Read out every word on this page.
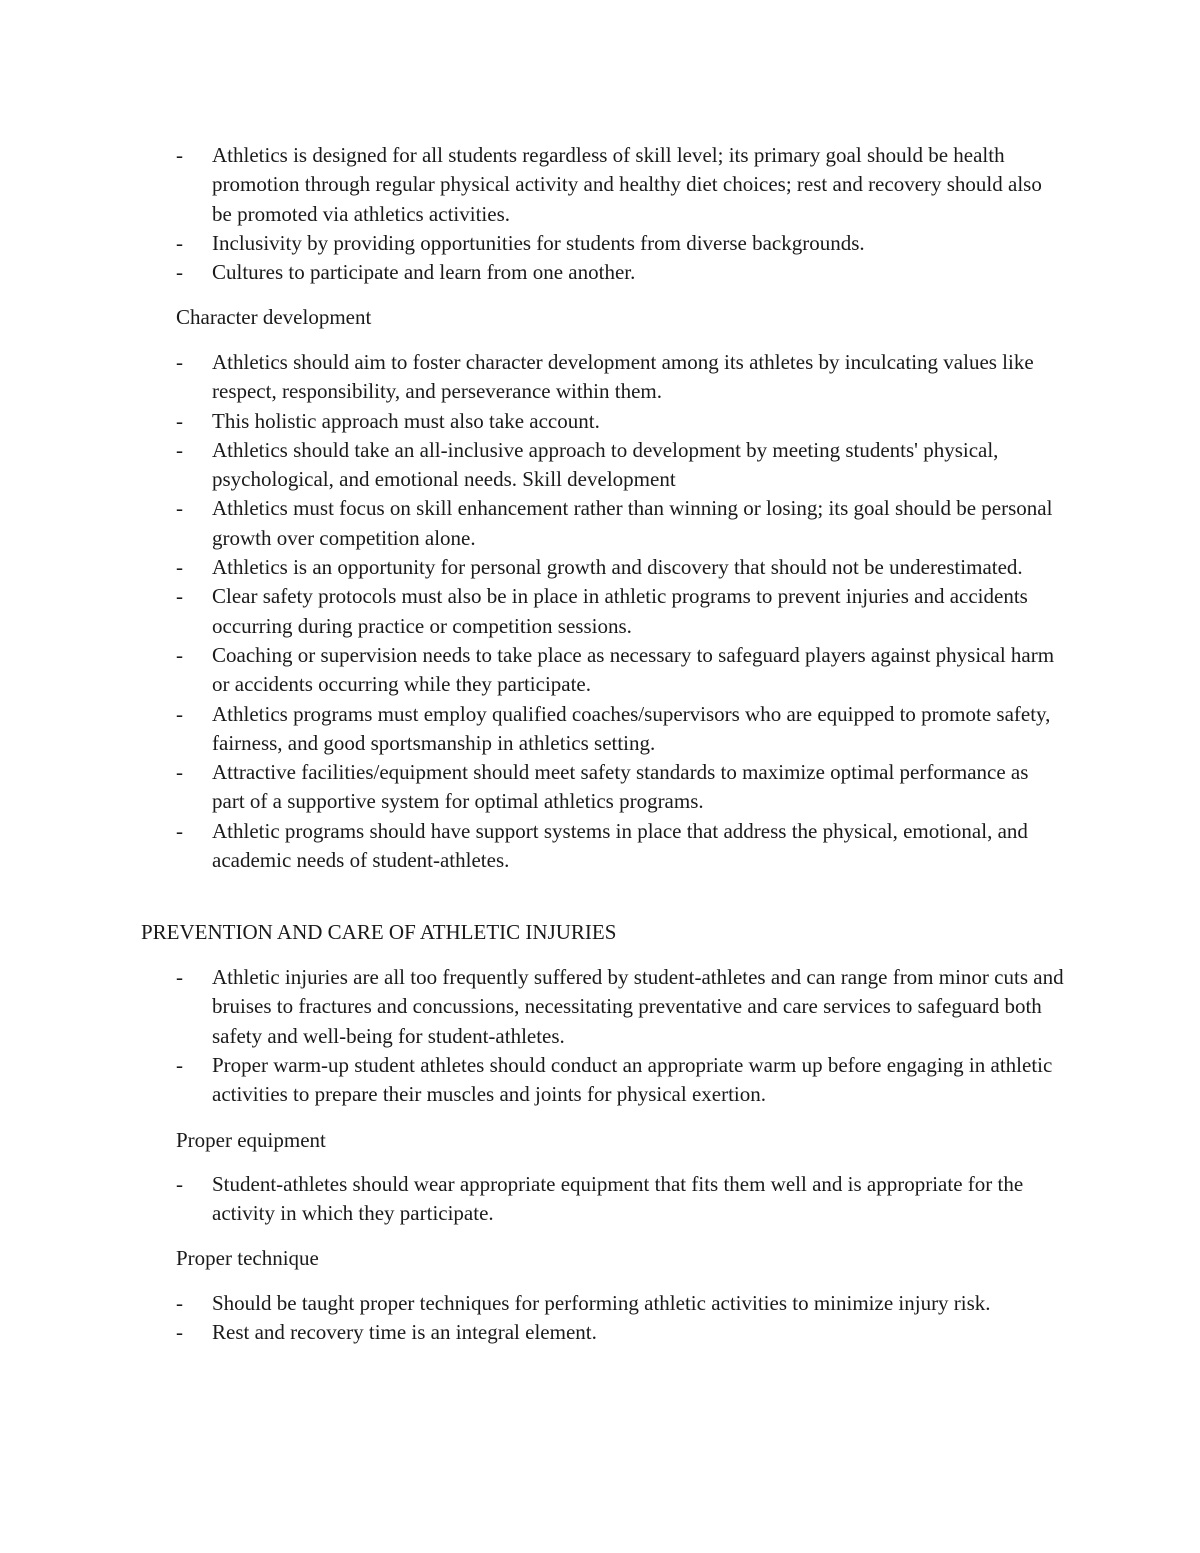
- Athletics is designed for all students regardless of skill level; its primary goal should be health promotion through regular physical activity and healthy diet choices; rest and recovery should also be promoted via athletics activities.
- Inclusivity by providing opportunities for students from diverse backgrounds.
- Cultures to participate and learn from one another.
Character development
- Athletics should aim to foster character development among its athletes by inculcating values like respect, responsibility, and perseverance within them.
- This holistic approach must also take account.
- Athletics should take an all-inclusive approach to development by meeting students' physical, psychological, and emotional needs. Skill development
- Athletics must focus on skill enhancement rather than winning or losing; its goal should be personal growth over competition alone.
- Athletics is an opportunity for personal growth and discovery that should not be underestimated.
- Clear safety protocols must also be in place in athletic programs to prevent injuries and accidents occurring during practice or competition sessions.
- Coaching or supervision needs to take place as necessary to safeguard players against physical harm or accidents occurring while they participate.
- Athletics programs must employ qualified coaches/supervisors who are equipped to promote safety, fairness, and good sportsmanship in athletics setting.
- Attractive facilities/equipment should meet safety standards to maximize optimal performance as part of a supportive system for optimal athletics programs.
- Athletic programs should have support systems in place that address the physical, emotional, and academic needs of student-athletes.
PREVENTION AND CARE OF ATHLETIC INJURIES
- Athletic injuries are all too frequently suffered by student-athletes and can range from minor cuts and bruises to fractures and concussions, necessitating preventative and care services to safeguard both safety and well-being for student-athletes.
- Proper warm-up student athletes should conduct an appropriate warm up before engaging in athletic activities to prepare their muscles and joints for physical exertion.
Proper equipment
- Student-athletes should wear appropriate equipment that fits them well and is appropriate for the activity in which they participate.
Proper technique
- Should be taught proper techniques for performing athletic activities to minimize injury risk.
- Rest and recovery time is an integral element.
